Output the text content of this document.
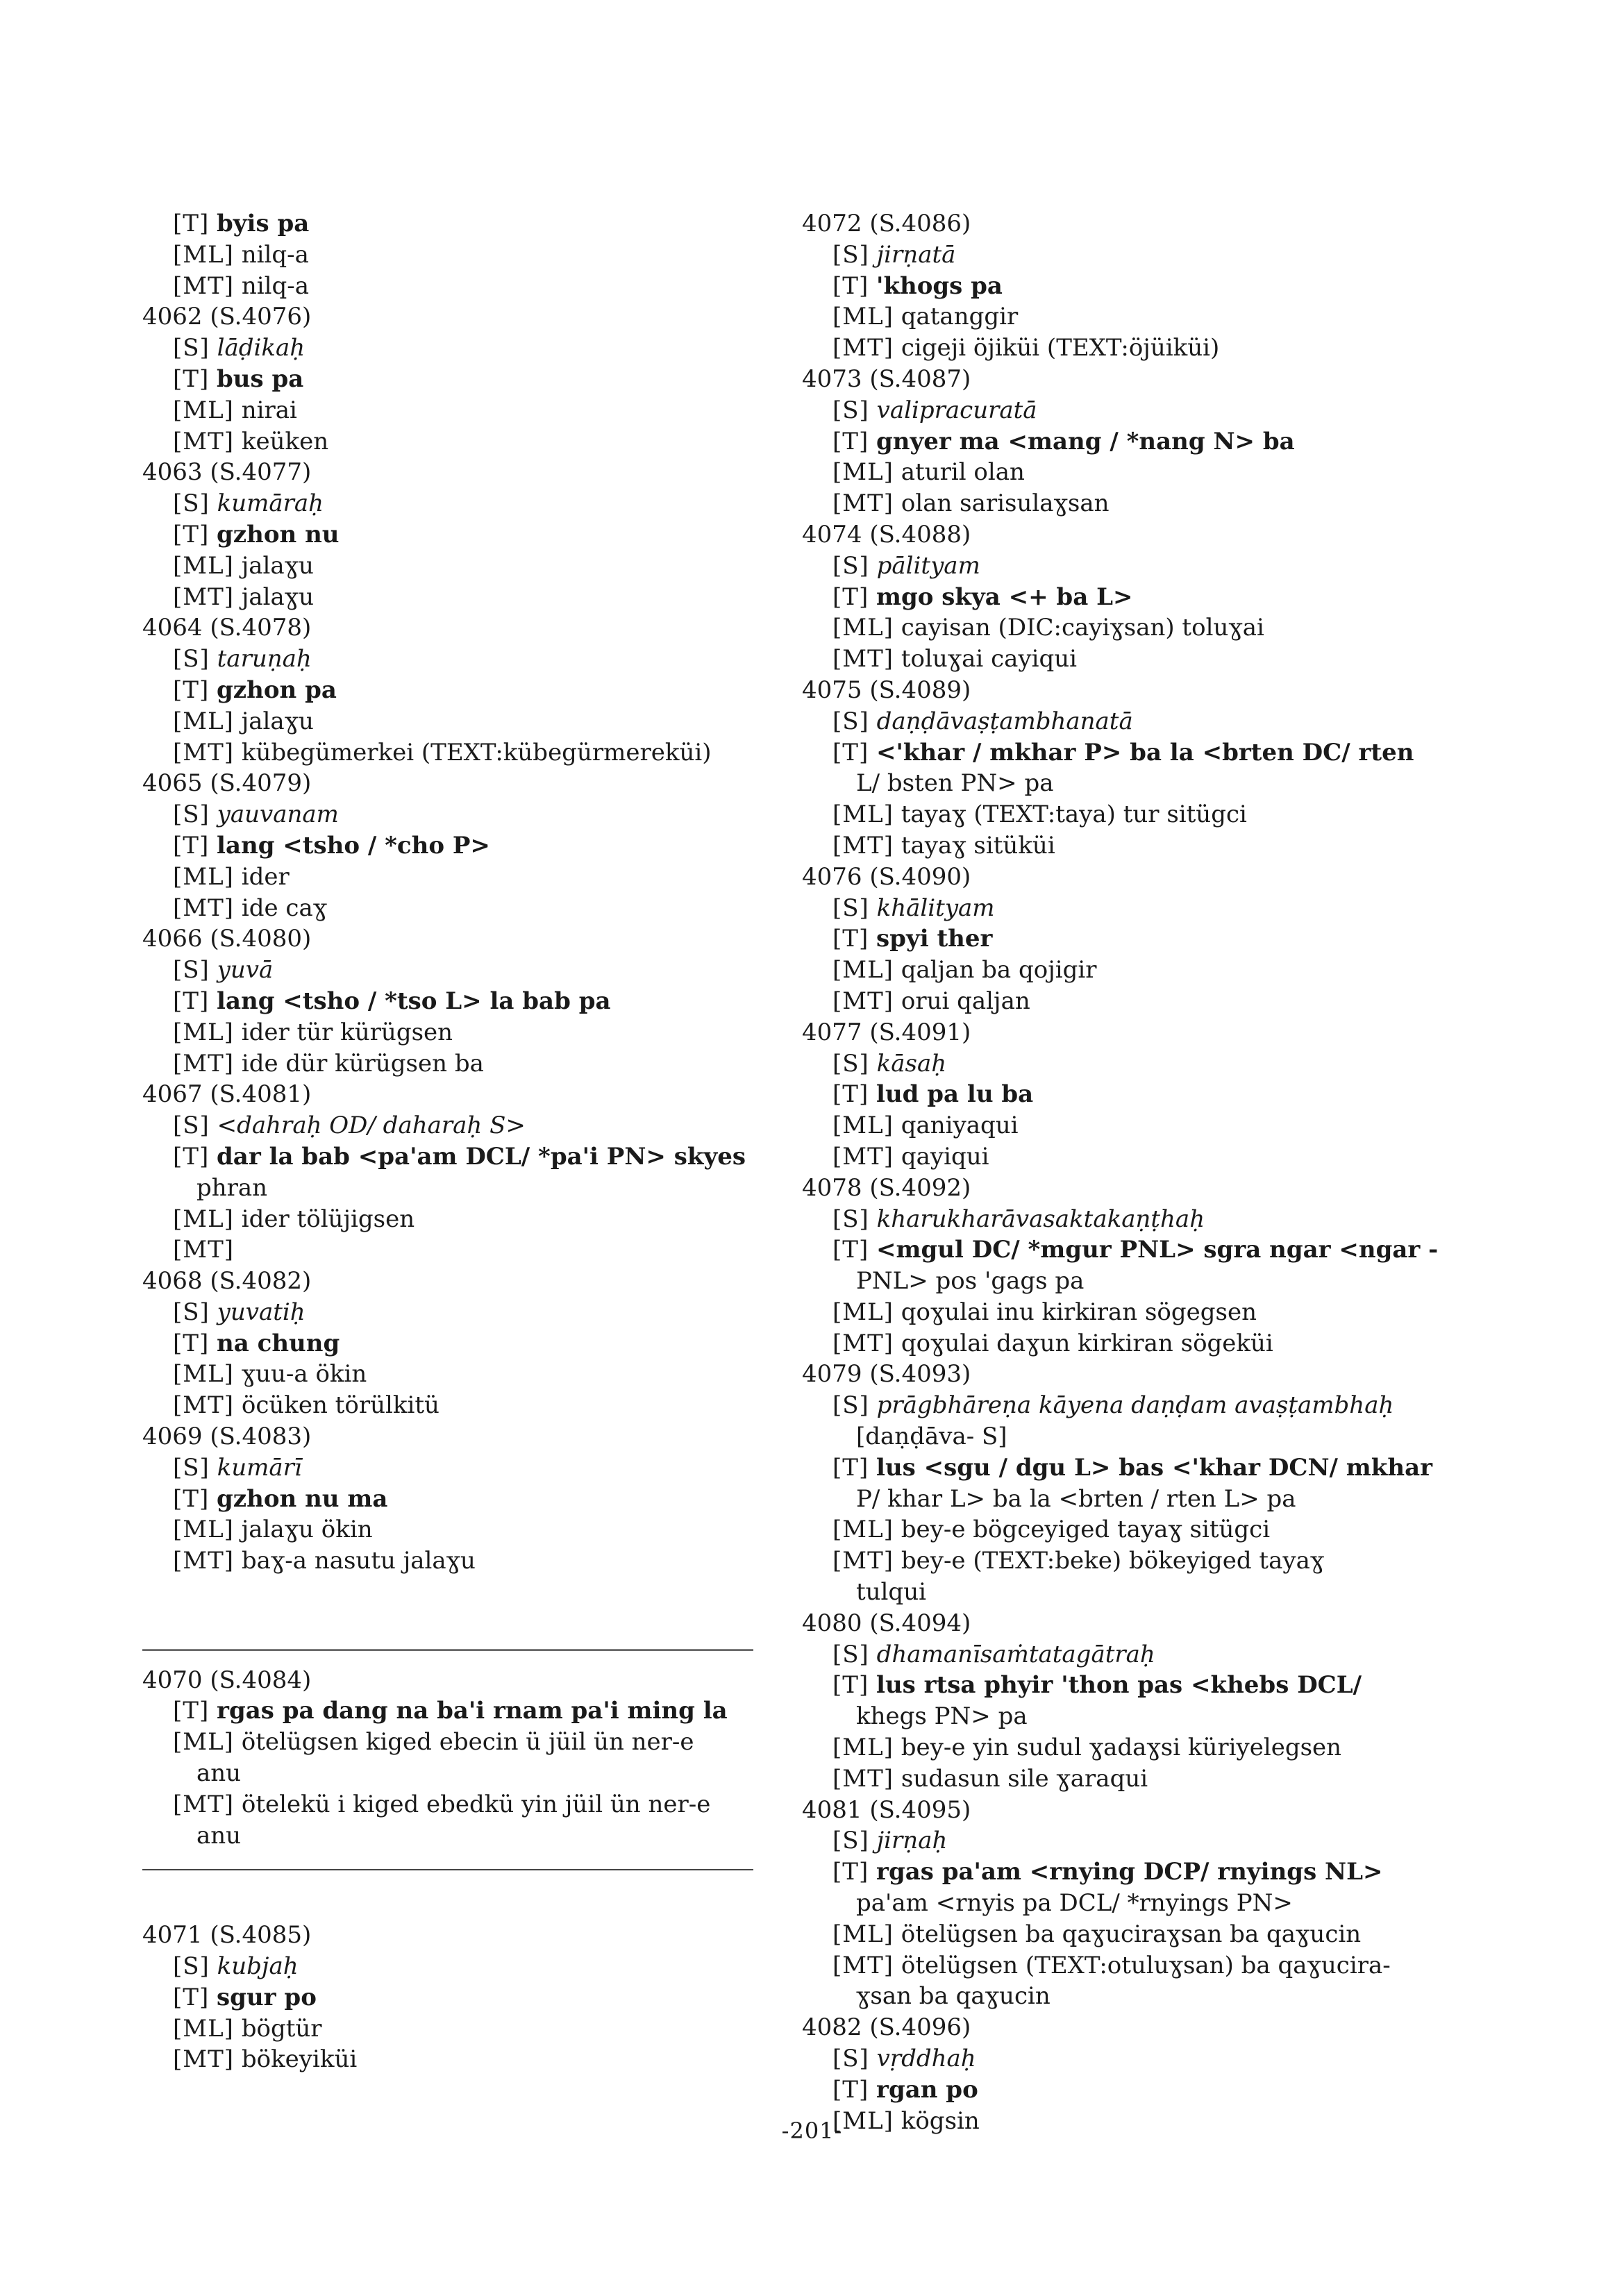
[T] byis pa
[ML] nilq-a
[MT] nilq-a
4062 (S.4076)
[S] lāḍikaḥ
[T] bus pa
[ML] nirai
[MT] keüken
4063 (S.4077)
[S] kumāraḥ
[T] gzhon nu
[ML] jalaɣu
[MT] jalaɣu
4064 (S.4078)
[S] taruṇaḥ
[T] gzhon pa
[ML] jalaɣu
[MT] kübegümerkei (TEXT:kübegürmereküi)
4065 (S.4079)
[S] yauvanam
[T] lang <tsho / *cho P>
[ML] ider
[MT] ide caɣ
4066 (S.4080)
[S] yuvā
[T] lang <tsho / *tso L> la bab pa
[ML] ider tür kürügsen
[MT] ide dür kürügsen ba
4067 (S.4081)
[S] <dahraḥ OD/ daharaḥ S>
[T] dar la bab <pa'am DCL/ *pa'i PN> skyes
phran
[ML] ider tölüjigsen
[MT]
4068 (S.4082)
[S] yuvatiḥ
[T] na chung
[ML] ɣuu-a ökin
[MT] öcüken törülkitü
4069 (S.4083)
[S] kumārī
[T] gzhon nu ma
[ML] jalaɣu ökin
[MT] baɣ-a nasutu jalaɣu
4070 (S.4084)
[T] rgas pa dang na ba'i rnam pa'i ming la
[ML] ötelügsen kiged ebecin ü jüil ün ner-e
anu
[MT] ötelekü i kiged ebedkü yin jüil ün ner-e
anu
4071 (S.4085)
[S] kubjaḥ
[T] sgur po
[ML] bögtür
[MT] bökeyiküi
4072 (S.4086)
[S] jirṇatā
[T] 'khogs pa
[ML] qatanggir
[MT] cigeji öjiküi (TEXT:öjüiküi)
4073 (S.4087)
[S] valipracuratā
[T] gnyer ma <mang / *nang N> ba
[ML] aturil olan
[MT] olan sarisulaɣsan
4074 (S.4088)
[S] pālityam
[T] mgo skya <+ ba L>
[ML] cayisan (DIC:cayiɣsan) toluɣai
[MT] toluɣai cayiqui
4075 (S.4089)
[S] daṇḍāvaṣṭambhanatā
[T] <'khar / mkhar P> ba la <brten DC/ rten
L/ bsten PN> pa
[ML] tayaɣ (TEXT:taya) tur sitügci
[MT] tayaɣ sitüküi
4076 (S.4090)
[S] khālityam
[T] spyi ther
[ML] qaljan ba qojigir
[MT] orui qaljan
4077 (S.4091)
[S] kāsaḥ
[T] lud pa lu ba
[ML] qaniyaqui
[MT] qayiqui
4078 (S.4092)
[S] kharukharāvasaktakaṇṭhaḥ
[T] <mgul DC/ *mgur PNL> sgra ngar <ngar -
PNL> pos 'gags pa
[ML] qoɣulai inu kirkiran sögegsen
[MT] qoɣulai daɣun kirkiran sögeküi
4079 (S.4093)
[S] prāgbhāreṇa kāyena daṇḍam avaṣṭambhaḥ
[daṇḍāva- S]
[T] lus <sgu / dgu L> bas <'khar DCN/ mkhar
P/ khar L> ba la <brten / rten L> pa
[ML] bey-e bögceyiged tayaɣ sitügci
[MT] bey-e (TEXT:beke) bökeyiged tayaɣ
tulqui
4080 (S.4094)
[S] dhamanīsaṁtatagātraḥ
[T] lus rtsa phyir 'thon pas <khebs DCL/
khegs PN> pa
[ML] bey-e yin sudul ɣadaɣsi küriyelegsen
[MT] sudasun sile ɣaraqui
4081 (S.4095)
[S] jirṇaḥ
[T] rgas pa'am <rnying DCP/ rnyings NL>
pa'am <rnyis pa DCL/ *rnyings PN>
[ML] ötelügsen ba qaɣuciraɣsan ba qaɣucin
[MT] ötelügsen (TEXT:otuluɣsan) ba qaɣucira-
ɣsan ba qaɣucin
4082 (S.4096)
[S] vṛddhaḥ
[T] rgan po
[ML] kögsin
-201-
